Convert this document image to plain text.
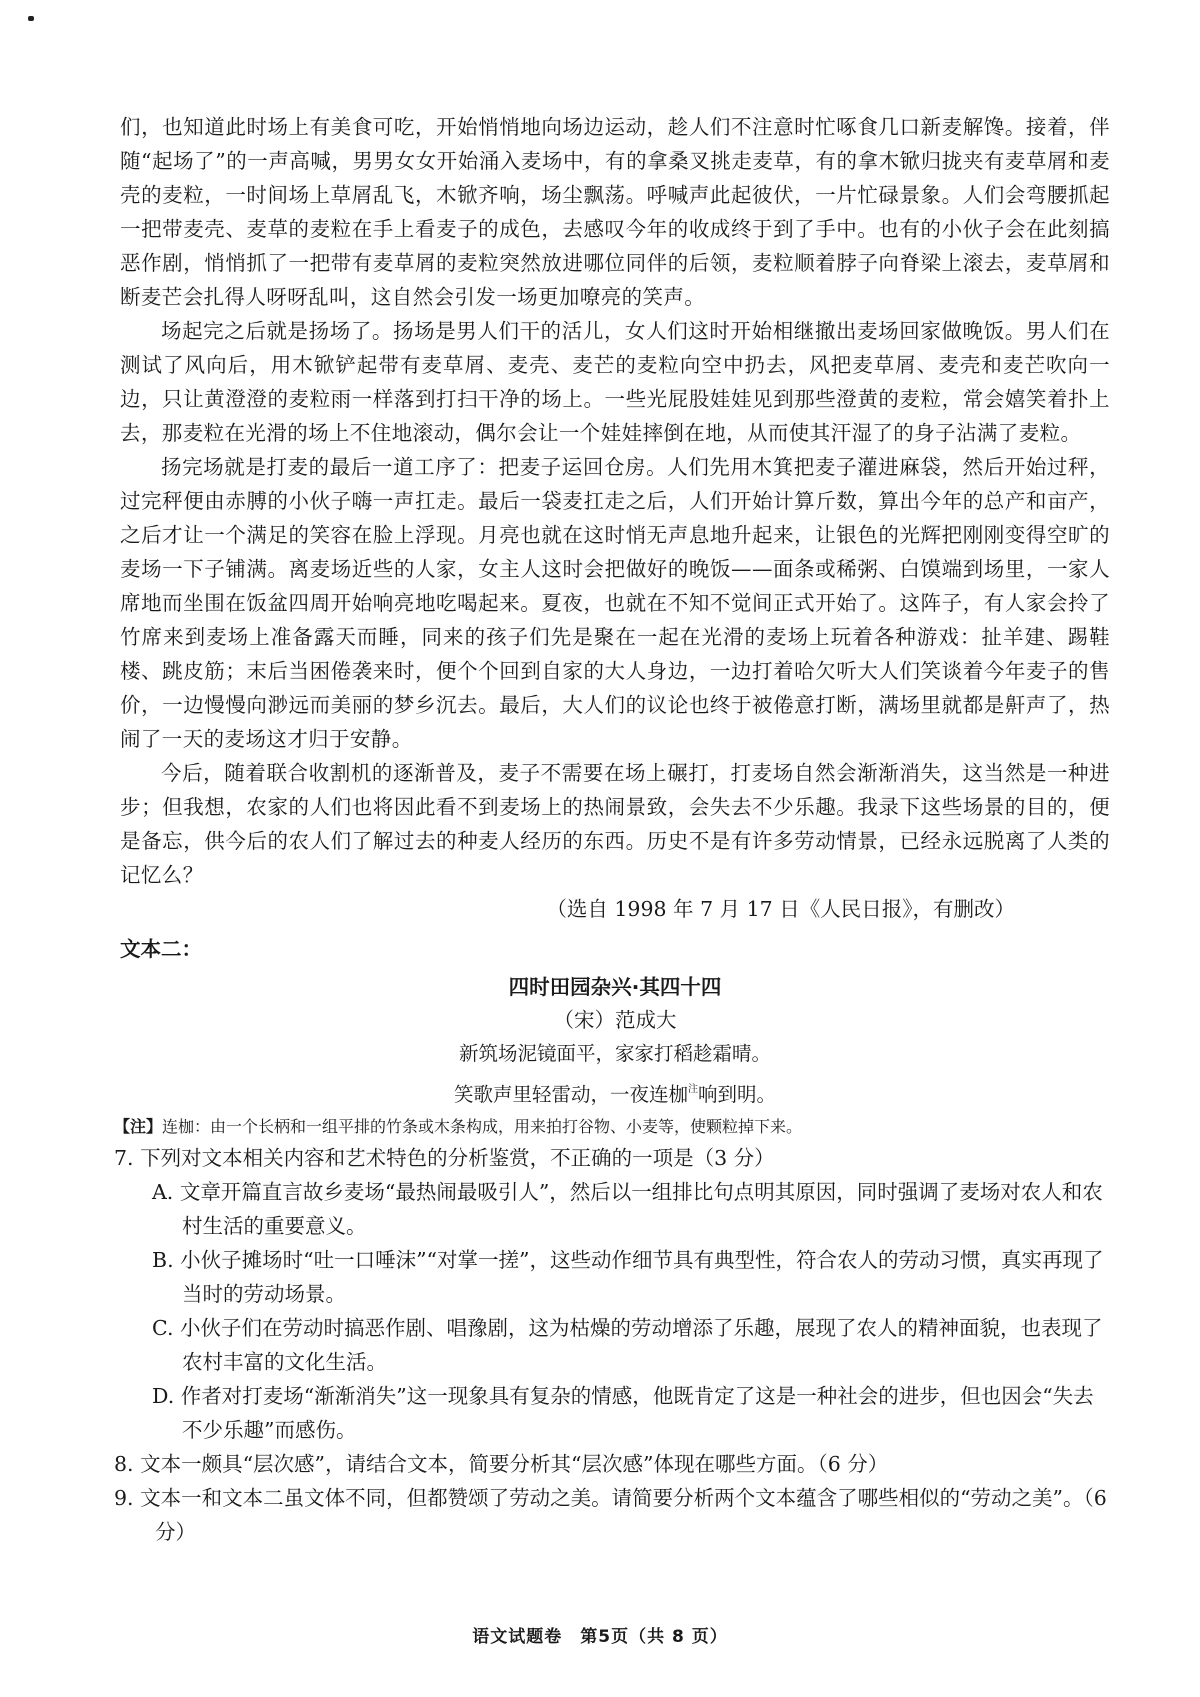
们，也知道此时场上有美食可吃，开始悄悄地向场边运动，趁人们不注意时忙啄食几口新麦解馋。接着，伴随“起场了”的一声高喊，男男女女开始涌入麦场中，有的拿桑叉挑走麦草，有的拿木锨归拢夹有麦草屑和麦壳的麦粒，一时间场上草屑乱飞，木锨齐响，场尘飘荡。呼喊声此起彼伏，一片忙碌景象。人们会弯腰抓起一把带麦壳、麦草的麦粒在手上看麦子的成色，去感叹今年的收成终于到了手中。也有的小伙子会在此刻搞恶作剧，悄悄抓了一把带有麦草屑的麦粒突然放进哪位同伴的后领，麦粒顺着脖子向脊梁上滚去，麦草屑和断麦芒会扎得人呀呀乱叫，这自然会引发一场更加嘹亮的笑声。

场起完之后就是扬场了。扬场是男人们干的活儿，女人们这时开始相继撤出麦场回家做晚饭。男人们在测试了风向后，用木锨铲起带有麦草屑、麦壳、麦芒的麦粒向空中扔去，风把麦草屑、麦壳和麦芒吹向一边，只让黄澄澄的麦粒雨一样落到打扫干净的场上。一些光屁股娃娃见到那些澄黄的麦粒，常会嬉笑着扑上去，那麦粒在光滑的场上不住地滚动，偶尔会让一个娃娃摔倒在地，从而使其汗湿了的身子沾满了麦粒。

扬完场就是打麦的最后一道工序了：把麦子运回仓房。人们先用木箕把麦子灌进麻袋，然后开始过秤，过完秤便由赤膊的小伙子嗨一声扛走。最后一袋麦扛走之后，人们开始计算斤数，算出今年的总产和亩产，之后才让一个满足的笑容在脸上浮现。月亮也就在这时悄无声息地升起来，让银色的光辉把刚刚变得空旷的麦场一下子铺满。离麦场近些的人家，女主人这时会把做好的晚饭——面条或稀粥、白馍端到场里，一家人席地而坐围在饭盆四周开始响亮地吃喝起来。夏夜，也就在不知不觉间正式开始了。这阵子，有人家会拎了竹席来到麦场上准备露天而睡，同来的孩子们先是聚在一起在光滑的麦场上玩着各种游戏：扯羊建、踢鞋楼、跳皮筋；末后当困倦袭来时，便个个回到自家的大人身边，一边打着哈欠听大人们笑谈着今年麦子的售价，一边慢慢向渺远而美丽的梦乡沉去。最后，大人们的议论也终于被倦意打断，满场里就都是鼾声了，热闹了一天的麦场这才归于安静。

今后，随着联合收割机的逐渐普及，麦子不需要在场上碾打，打麦场自然会渐渐消失，这当然是一种进步；但我想，农家的人们也将因此看不到麦场上的热闹景致，会失去不少乐趣。我录下这些场景的目的，便是备忘，供今后的农人们了解过去的种麦人经历的东西。历史不是有许多劳动情景，已经永远脱离了人类的记忆么？

（选自 1998 年 7 月 17 日《人民日报》，有删改）

文本二：

四时田园杂兴·其四十四

（宋）范成大

新筑场泥镜面平，家家打稻趁霜晴。

笑歌声里轻雷动，一夜连枷$^注$响到明。

【注】连枷：由一个长柄和一组平排的竹条或木条构成，用来拍打谷物、小麦等，使颗粒掉下来。

7. 下列对文本相关内容和艺术特色的分析鉴赏，不正确的一项是（3 分）

A. 文章开篇直言故乡麦场“最热闹最吸引人”，然后以一组排比句点明其原因，同时强调了麦场对农人和农村生活的重要意义。

B. 小伙子摊场时“吐一口唾沫”“对掌一搓”，这些动作细节具有典型性，符合农人的劳动习惯，真实再现了当时的劳动场景。

C. 小伙子们在劳动时搞恶作剧、唱豫剧，这为枯燥的劳动增添了乐趣，展现了农人的精神面貌，也表现了农村丰富的文化生活。

D. 作者对打麦场“渐渐消失”这一现象具有复杂的情感，他既肯定了这是一种社会的进步，但也因会“失去不少乐趣”而感伤。

8. 文本一颇具“层次感”，请结合文本，简要分析其“层次感”体现在哪些方面。（6 分）

9. 文本一和文本二虽文体不同，但都赞颂了劳动之美。请简要分析两个文本蕴含了哪些相似的“劳动之美”。（6 分）

语文试题卷　第5页（共 8 页）
